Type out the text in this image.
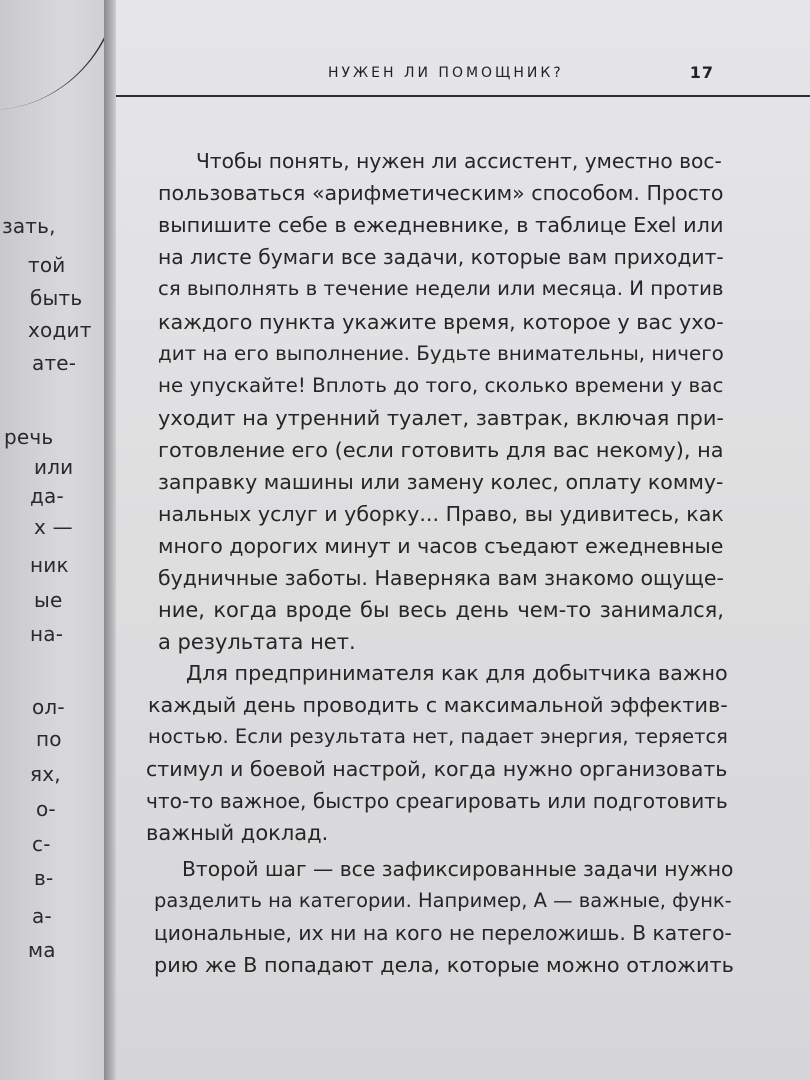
зать,
той
быть
ходит
ате-
речь
или
да-
х —
ник
ые
на-
ол-
по
ях,
о-
с-
в-
а-
ма
НУЖЕН ЛИ ПОМОЩНИК?	17
Чтобы понять, нужен ли ассистент, уместно вос-
пользоваться «арифметическим» способом. Просто
выпишите себе в ежедневнике, в таблице Exel или
на листе бумаги все задачи, которые вам приходит-
ся выполнять в течение недели или месяца. И против
каждого пункта укажите время, которое у вас ухо-
дит на его выполнение. Будьте внимательны, ничего
не упускайте! Вплоть до того, сколько времени у вас
уходит на утренний туалет, завтрак, включая при-
готовление его (если готовить для вас некому), на
заправку машины или замену колес, оплату комму-
нальных услуг и уборку... Право, вы удивитесь, как
много дорогих минут и часов съедают ежедневные
будничные заботы. Наверняка вам знакомо ощуще-
ние, когда вроде бы весь день чем-то занимался,
а результата нет.
Для предпринимателя как для добытчика важно
каждый день проводить с максимальной эффектив-
ностью. Если результата нет, падает энергия, теряется
стимул и боевой настрой, когда нужно организовать
что-то важное, быстро среагировать или подготовить
важный доклад.
Второй шаг — все зафиксированные задачи нужно
разделить на категории. Например, А — важные, функ-
циональные, их ни на кого не переложишь. В катего-
рию же В попадают дела, которые можно отложить
